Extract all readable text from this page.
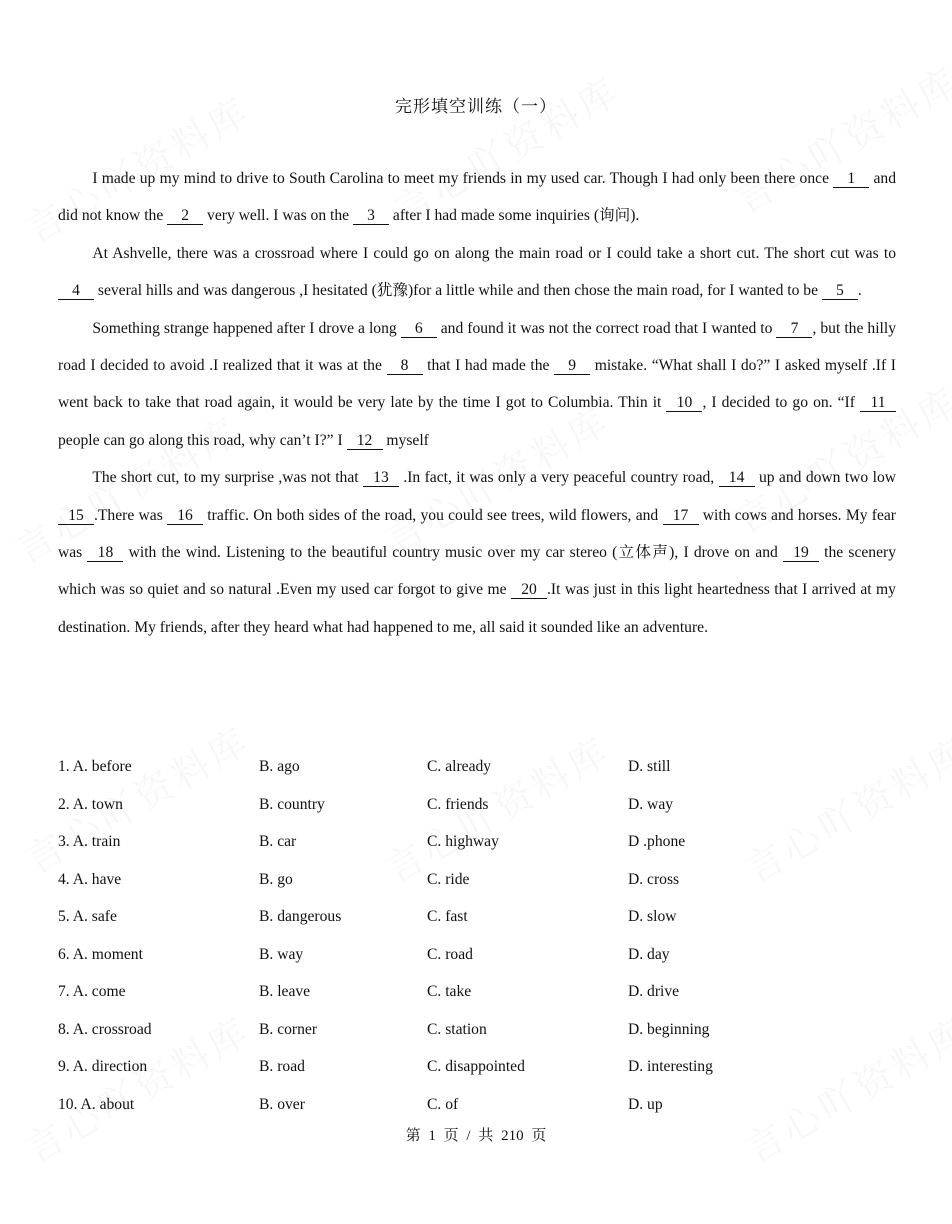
完形填空训练（一）

I made up my mind to drive to South Carolina to meet my friends in my used car. Though I had only been there once 1 and did not know the 2 very well. I was on the 3 after I had made some inquiries (询问).

At Ashvelle, there was a crossroad where I could go on along the main road or I could take a short cut. The short cut was to 4 several hills and was dangerous ,I hesitated (犹豫)for a little while and then chose the main road, for I wanted to be 5 .

Something strange happened after I drove a long 6 and found it was not the correct road that I wanted to 7 , but the hilly road I decided to avoid .I realized that it was at the 8 that I had made the 9 mistake. “What shall I do?” I asked myself .If I went back to take that road again, it would be very late by the time I got to Columbia. Thin it 10 , I decided to go on. “If 11 people can go along this road, why can’t I?” I 12 myself

The short cut, to my surprise ,was not that 13 .In fact, it was only a very peaceful country road, 14 up and down two low 15 .There was 16 traffic. On both sides of the road, you could see trees, wild flowers, and 17 with cows and horses. My fear was 18 with the wind. Listening to the beautiful country music over my car stereo (立体声), I drove on and 19 the scenery which was so quiet and so natural .Even my used car forgot to give me 20 .It was just in this light heartedness that I arrived at my destination. My friends, after they heard what had happened to me, all said it sounded like an adventure.

1. A. before	B. ago	C. already	D. still
2. A. town	B. country	C. friends	D. way
3. A. train	B. car	C. highway	D .phone
4. A. have	B. go	C. ride	D. cross
5. A. safe	B. dangerous	C. fast	D. slow
6. A. moment	B. way	C. road	D. day
7. A. come	B. leave	C. take	D. drive
8. A. crossroad	B. corner	C. station	D. beginning
9. A. direction	B. road	C. disappointed	D. interesting
10. A. about	B. over	C. of	D. up
第 1 页 / 共 210 页
